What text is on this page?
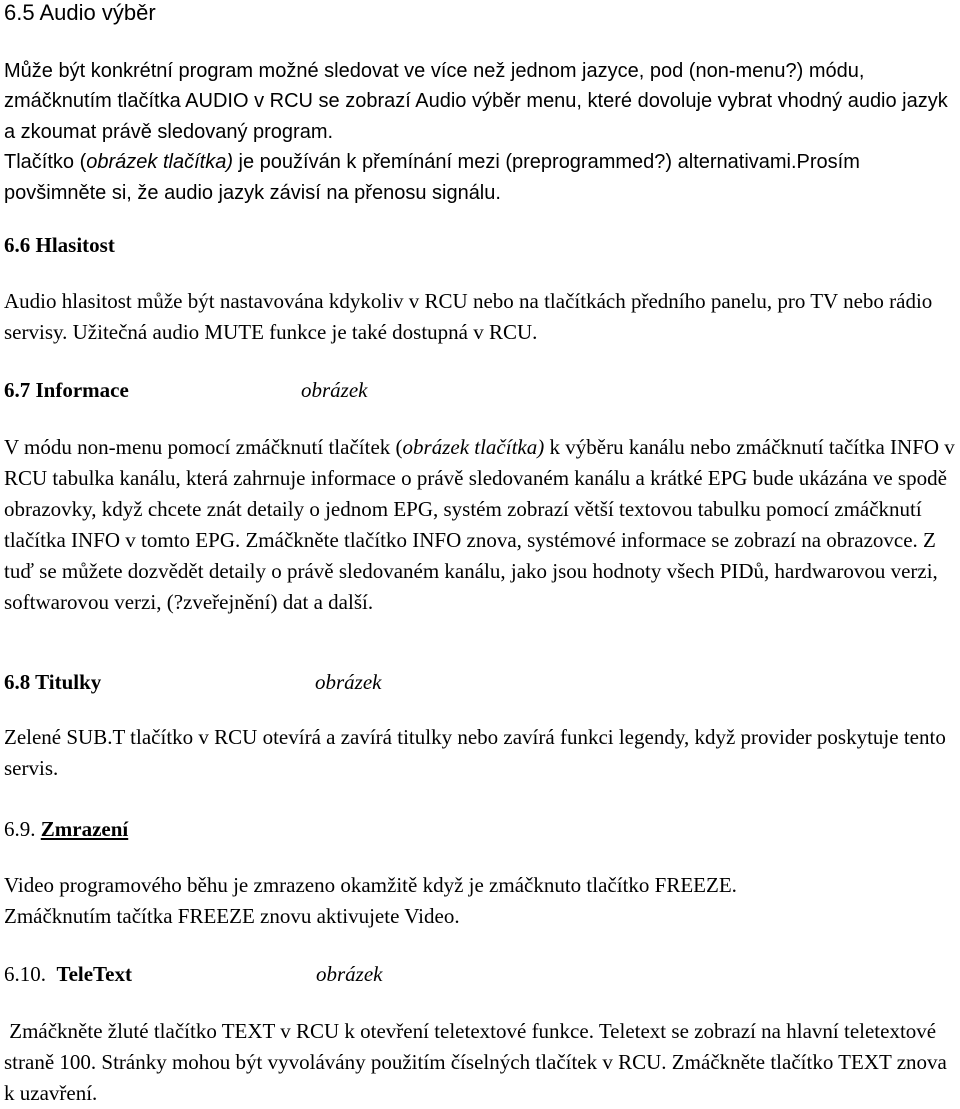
6.5 Audio výběr
Může být konkrétní program možné sledovat ve více než jednom jazyce, pod (non-menu?) módu, zmáčknutím tlačítka AUDIO v RCU se zobrazí Audio výběr menu, které dovoluje vybrat vhodný audio jazyk a zkoumat právě sledovaný program.
Tlačítko (obrázek tlačítka) je používán k přemínání mezi (preprogrammed?) alternativami.Prosím povšimněte si, že audio jazyk závisí na přenosu signálu.
6.6 Hlasitost

Audio hlasitost může být nastavována kdykoliv v RCU nebo na tlačítkách předního panelu, pro TV nebo rádio servisy. Užitečná audio MUTE funkce je také dostupná v RCU.

6.7 Informace	obrázek

V módu non-menu pomocí zmáčknutí tlačítek (obrázek tlačítka) k výběru kanálu nebo zmáčknutí tačítka INFO v RCU tabulka kanálu, která zahrnuje informace o právě sledovaném kanálu a krátké EPG bude ukázána ve spodě obrazovky, když chcete znát detaily o jednom EPG, systém zobrazí větší textovou tabulku pomocí zmáčknutí tlačítka INFO v tomto EPG. Zmáčkněte tlačítko INFO znova, systémové informace se zobrazí na obrazovce. Z tuď se můžete dozvědět detaily o právě sledovaném kanálu, jako jsou hodnoty všech PIDů, hardwarovou verzi, softwarovou verzi, (?zveřejnění) dat a další.

6.8 Titulky	obrázek

Zelené SUB.T tlačítko v RCU otevírá a zavírá titulky nebo zavírá funkci legendy, když provider poskytuje tento servis.

6.9. Zmrazení

Video programového běhu je zmrazeno okamžitě když je zmáčknuto tlačítko FREEZE.
Zmáčknutím tačítka FREEZE znovu aktivujete Video.

6.10.  TeleText	obrázek

Zmáčkněte žluté tlačítko TEXT v RCU k otevření teletextové funkce. Teletext se zobrazí na hlavní teletextové straně 100. Stránky mohou být vyvolávány použitím číselných tlačítek v RCU. Zmáčkněte tlačítko TEXT znova k uzavření.
